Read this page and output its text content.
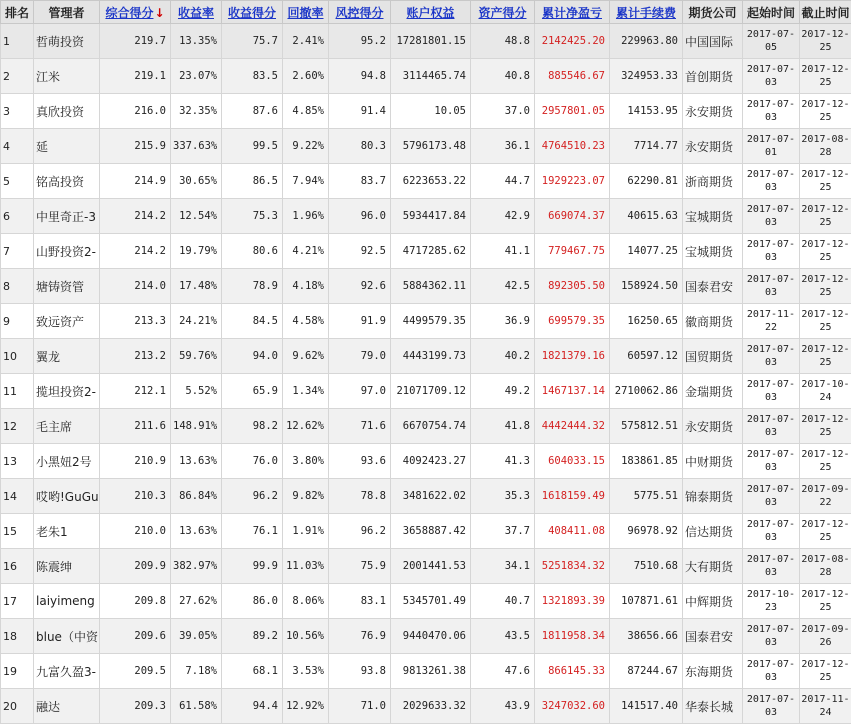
排名	管理者	综合得分↓	收益率	收益得分	回撤率	风控得分	账户权益	资产得分	累计净盈亏	累计手续费	期货公司	起始时间	截止时间
1	哲萌投资	219.7	13.35%	75.7	2.41%	95.2	17281801.15	48.8	2142425.20	229963.80	中国国际	2017-07-05	2017-12-25
2	江米	219.1	23.07%	83.5	2.60%	94.8	3114465.74	40.8	885546.67	324953.33	首创期货	2017-07-03	2017-12-25
3	真欣投资	216.0	32.35%	87.6	4.85%	91.4	10.05	37.0	2957801.05	14153.95	永安期货	2017-07-03	2017-12-25
4	延	215.9	337.63%	99.5	9.22%	80.3	5796173.48	36.1	4764510.23	7714.77	永安期货	2017-07-01	2017-08-28
5	铭高投资	214.9	30.65%	86.5	7.94%	83.7	6223653.22	44.7	1929223.07	62290.81	浙商期货	2017-07-03	2017-12-25
6	中里奇正-3	214.2	12.54%	75.3	1.96%	96.0	5934417.84	42.9	669074.37	40615.63	宝城期货	2017-07-03	2017-12-25
7	山野投资2-	214.2	19.79%	80.6	4.21%	92.5	4717285.62	41.1	779467.75	14077.25	宝城期货	2017-07-03	2017-12-25
8	塘铸资管	214.0	17.48%	78.9	4.18%	92.6	5884362.11	42.5	892305.50	158924.50	国泰君安	2017-07-03	2017-12-25
9	致远资产	213.3	24.21%	84.5	4.58%	91.9	4499579.35	36.9	699579.35	16250.65	徽商期货	2017-11-22	2017-12-25
10	翼龙	213.2	59.76%	94.0	9.62%	79.0	4443199.73	40.2	1821379.16	60597.12	国贸期货	2017-07-03	2017-12-25
11	揽坦投资2-	212.1	5.52%	65.9	1.34%	97.0	21071709.12	49.2	1467137.14	2710062.86	金瑞期货	2017-07-03	2017-10-24
12	毛主席	211.6	148.91%	98.2	12.62%	71.6	6670754.74	41.8	4442444.32	575812.51	永安期货	2017-07-03	2017-12-25
13	小黑妞2号	210.9	13.63%	76.0	3.80%	93.6	4092423.27	41.3	604033.15	183861.85	中财期货	2017-07-03	2017-12-25
14	哎哟!GuGu	210.3	86.84%	96.2	9.82%	78.8	3481622.02	35.3	1618159.49	5775.51	锦泰期货	2017-07-03	2017-09-22
15	老朱1	210.0	13.63%	76.1	1.91%	96.2	3658887.42	37.7	408411.08	96978.92	信达期货	2017-07-03	2017-12-25
16	陈震绅	209.9	382.97%	99.9	11.03%	75.9	2001441.53	34.1	5251834.32	7510.68	大有期货	2017-07-03	2017-08-28
17	laiyimeng	209.8	27.62%	86.0	8.06%	83.1	5345701.49	40.7	1321893.39	107871.61	中辉期货	2017-10-23	2017-12-25
18	blue（中资	209.6	39.05%	89.2	10.56%	76.9	9440470.06	43.5	1811958.34	38656.66	国泰君安	2017-07-03	2017-09-26
19	九富久盈3-	209.5	7.18%	68.1	3.53%	93.8	9813261.38	47.6	866145.33	87244.67	东海期货	2017-07-03	2017-12-25
20	融达	209.3	61.58%	94.4	12.92%	71.0	2029633.32	43.9	3247032.60	141517.40	华泰长城	2017-07-03	2017-11-24
